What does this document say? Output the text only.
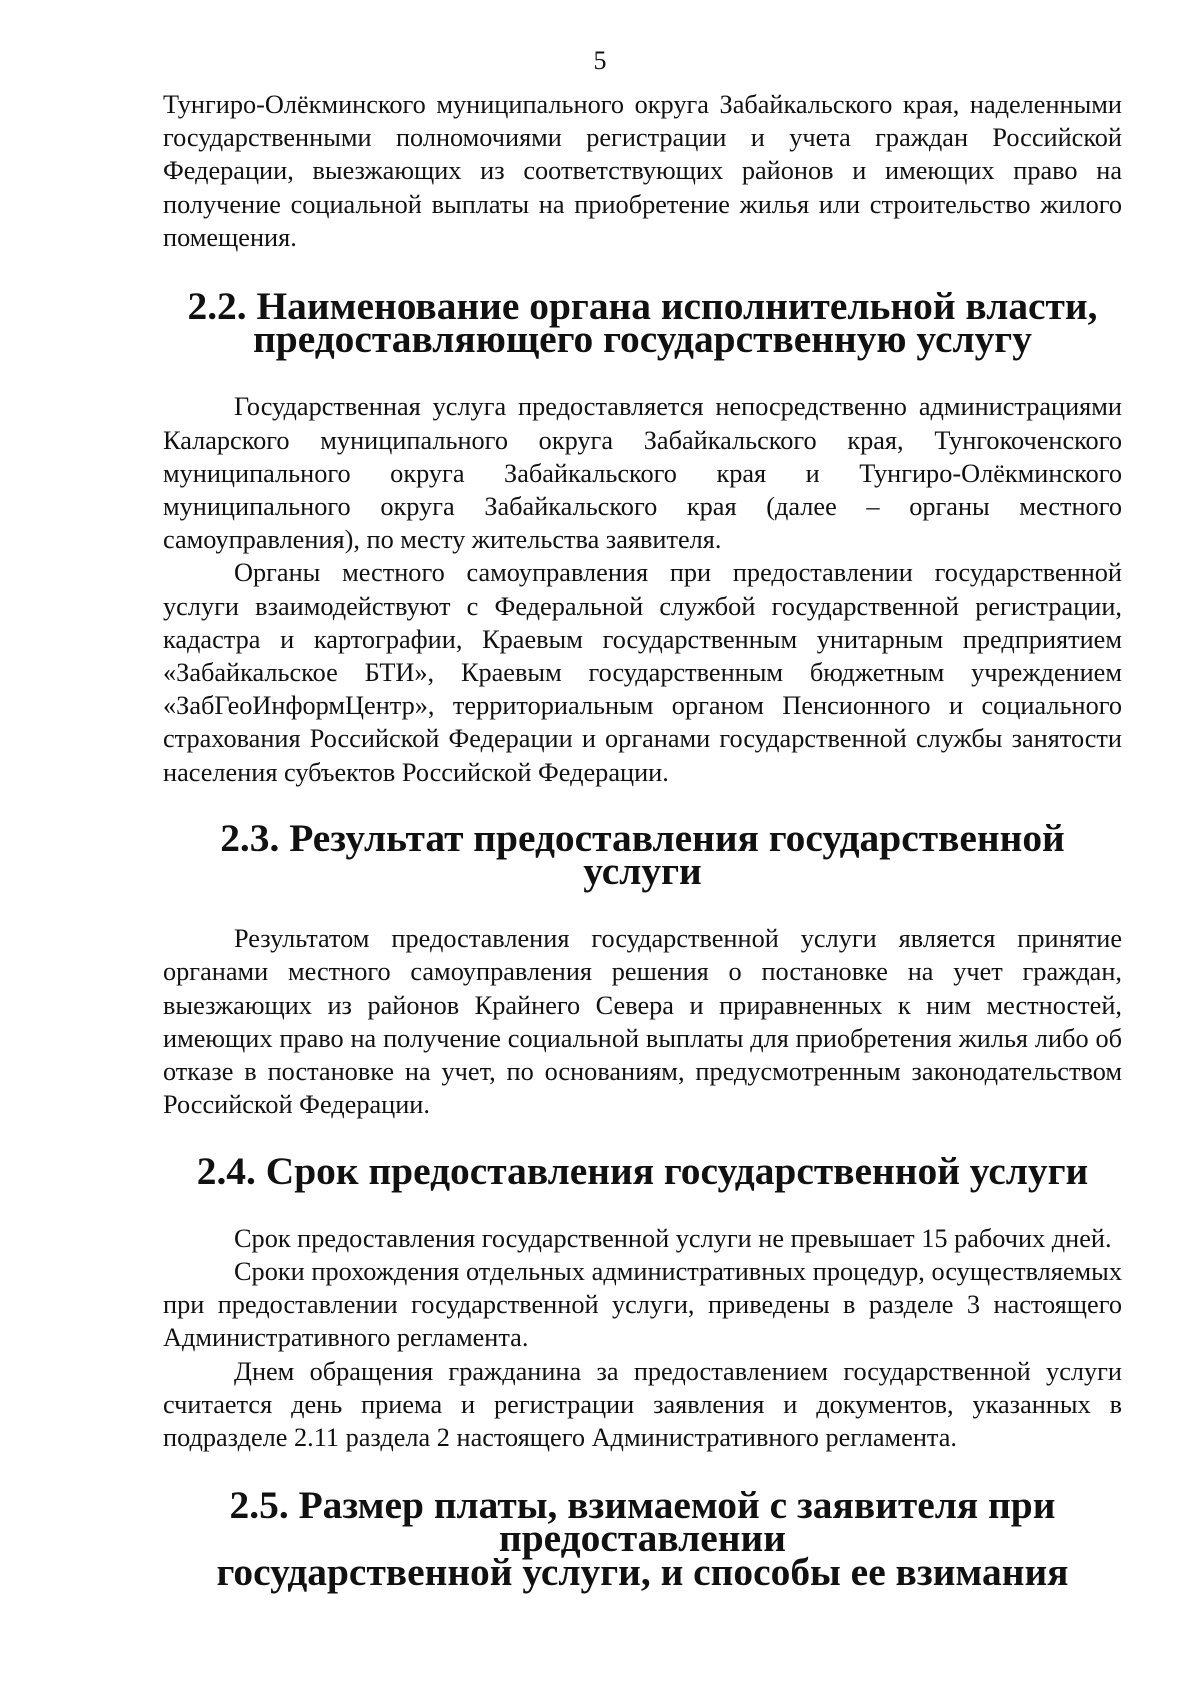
5

Тунгиро-Олёкминского муниципального округа Забайкальского края, наделенными государственными полномочиями регистрации и учета граждан Российской Федерации, выезжающих из соответствующих районов и имеющих право на получение социальной выплаты на приобретение жилья или строительство жилого помещения.

2.2. Наименование органа исполнительной власти,
предоставляющего государственную услугу

Государственная услуга предоставляется непосредственно администрациями Каларского муниципального округа Забайкальского края, Тунгокоченского муниципального округа Забайкальского края и Тунгиро-Олёкминского муниципального округа Забайкальского края (далее – органы местного самоуправления), по месту жительства заявителя.

Органы местного самоуправления при предоставлении государственной услуги взаимодействуют с Федеральной службой государственной регистрации, кадастра и картографии, Краевым государственным унитарным предприятием «Забайкальское БТИ», Краевым государственным бюджетным учреждением «ЗабГеоИнформЦентр», территориальным органом Пенсионного и социального страхования Российской Федерации и органами государственной службы занятости населения субъектов Российской Федерации.

2.3. Результат предоставления государственной услуги

Результатом предоставления государственной услуги является принятие органами местного самоуправления решения о постановке на учет граждан, выезжающих из районов Крайнего Севера и приравненных к ним местностей, имеющих право на получение социальной выплаты для приобретения жилья либо об отказе в постановке на учет, по основаниям, предусмотренным законодательством Российской Федерации.

2.4. Срок предоставления государственной услуги

Срок предоставления государственной услуги не превышает 15 рабочих дней.

Сроки прохождения отдельных административных процедур, осуществляемых при предоставлении государственной услуги, приведены в разделе 3 настоящего Административного регламента.

Днем обращения гражданина за предоставлением государственной услуги считается день приема и регистрации заявления и документов, указанных в подразделе 2.11 раздела 2 настоящего Административного регламента.

2.5. Размер платы, взимаемой с заявителя при предоставлении
государственной услуги, и способы ее взимания
